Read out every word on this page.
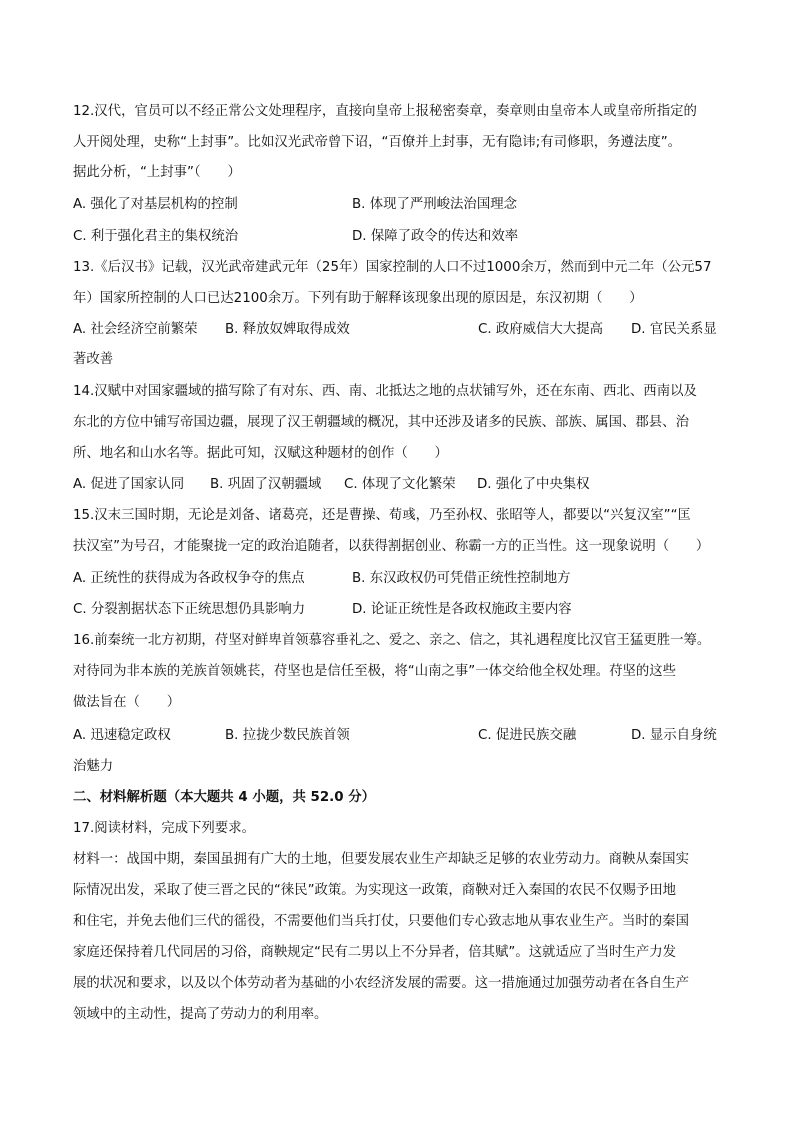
12.汉代，官员可以不经正常公文处理程序，直接向皇帝上报秘密奏章，奏章则由皇帝本人或皇帝所指定的
人开阅处理，史称“上封事”。比如汉光武帝曾下诏，“百僚并上封事，无有隐讳;有司修职，务遵法度”。
据此分析，“上封事”（　　）
A. 强化了对基层机构的控制	B. 体现了严刑峻法治国理念
C. 利于强化君主的集权统治	D. 保障了政令的传达和效率
13.《后汉书》记载，汉光武帝建武元年（25年）国家控制的人口不过1000余万，然而到中元二年（公元57
年）国家所控制的人口已达2100余万。下列有助于解释该现象出现的原因是，东汉初期（　　）
A. 社会经济空前繁荣 B. 释放奴婢取得成效	C. 政府威信大大提高 D. 官民关系显
著改善
14.汉赋中对国家疆域的描写除了有对东、西、南、北抵达之地的点状铺写外，还在东南、西北、西南以及
东北的方位中铺写帝国边疆，展现了汉王朝疆域的概况，其中还涉及诸多的民族、部族、属国、郡县、治
所、地名和山水名等。据此可知，汉赋这种题材的创作（　　）
A. 促进了国家认同 B. 巩固了汉朝疆域 C. 体现了文化繁荣 D. 强化了中央集权
15.汉末三国时期，无论是刘备、诸葛亮，还是曹操、荀彧，乃至孙权、张昭等人，都要以“兴复汉室”“匡
扶汉室”为号召，才能聚拢一定的政治追随者，以获得割据创业、称霸一方的正当性。这一现象说明（　　）
A. 正统性的获得成为各政权争夺的焦点	B. 东汉政权仍可凭借正统性控制地方
C. 分裂割据状态下正统思想仍具影响力	D. 论证正统性是各政权施政主要内容
16.前秦统一北方初期，苻坚对鲜卑首领慕容垂礼之、爱之、亲之、信之，其礼遇程度比汉官王猛更胜一筹。
对待同为非本族的羌族首领姚苌，苻坚也是信任至极，将“山南之事”一体交给他全权处理。苻坚的这些
做法旨在（　　）
A. 迅速稳定政权	B. 拉拢少数民族首领	C. 促进民族交融	D. 显示自身统
治魅力
二、材料解析题（本大题共 4 小题，共 52.0 分）
17.阅读材料，完成下列要求。
材料一：战国中期，秦国虽拥有广大的土地，但要发展农业生产却缺乏足够的农业劳动力。商鞅从秦国实
际情况出发，采取了使三晋之民的“徕民”政策。为实现这一政策，商鞅对迁入秦国的农民不仅赐予田地
和住宅，并免去他们三代的徭役，不需要他们当兵打仗，只要他们专心致志地从事农业生产。当时的秦国
家庭还保持着几代同居的习俗，商鞅规定“民有二男以上不分异者，倍其赋”。这就适应了当时生产力发
展的状况和要求，以及以个体劳动者为基础的小农经济发展的需要。这一措施通过加强劳动者在各自生产
领域中的主动性，提高了劳动力的利用率。
